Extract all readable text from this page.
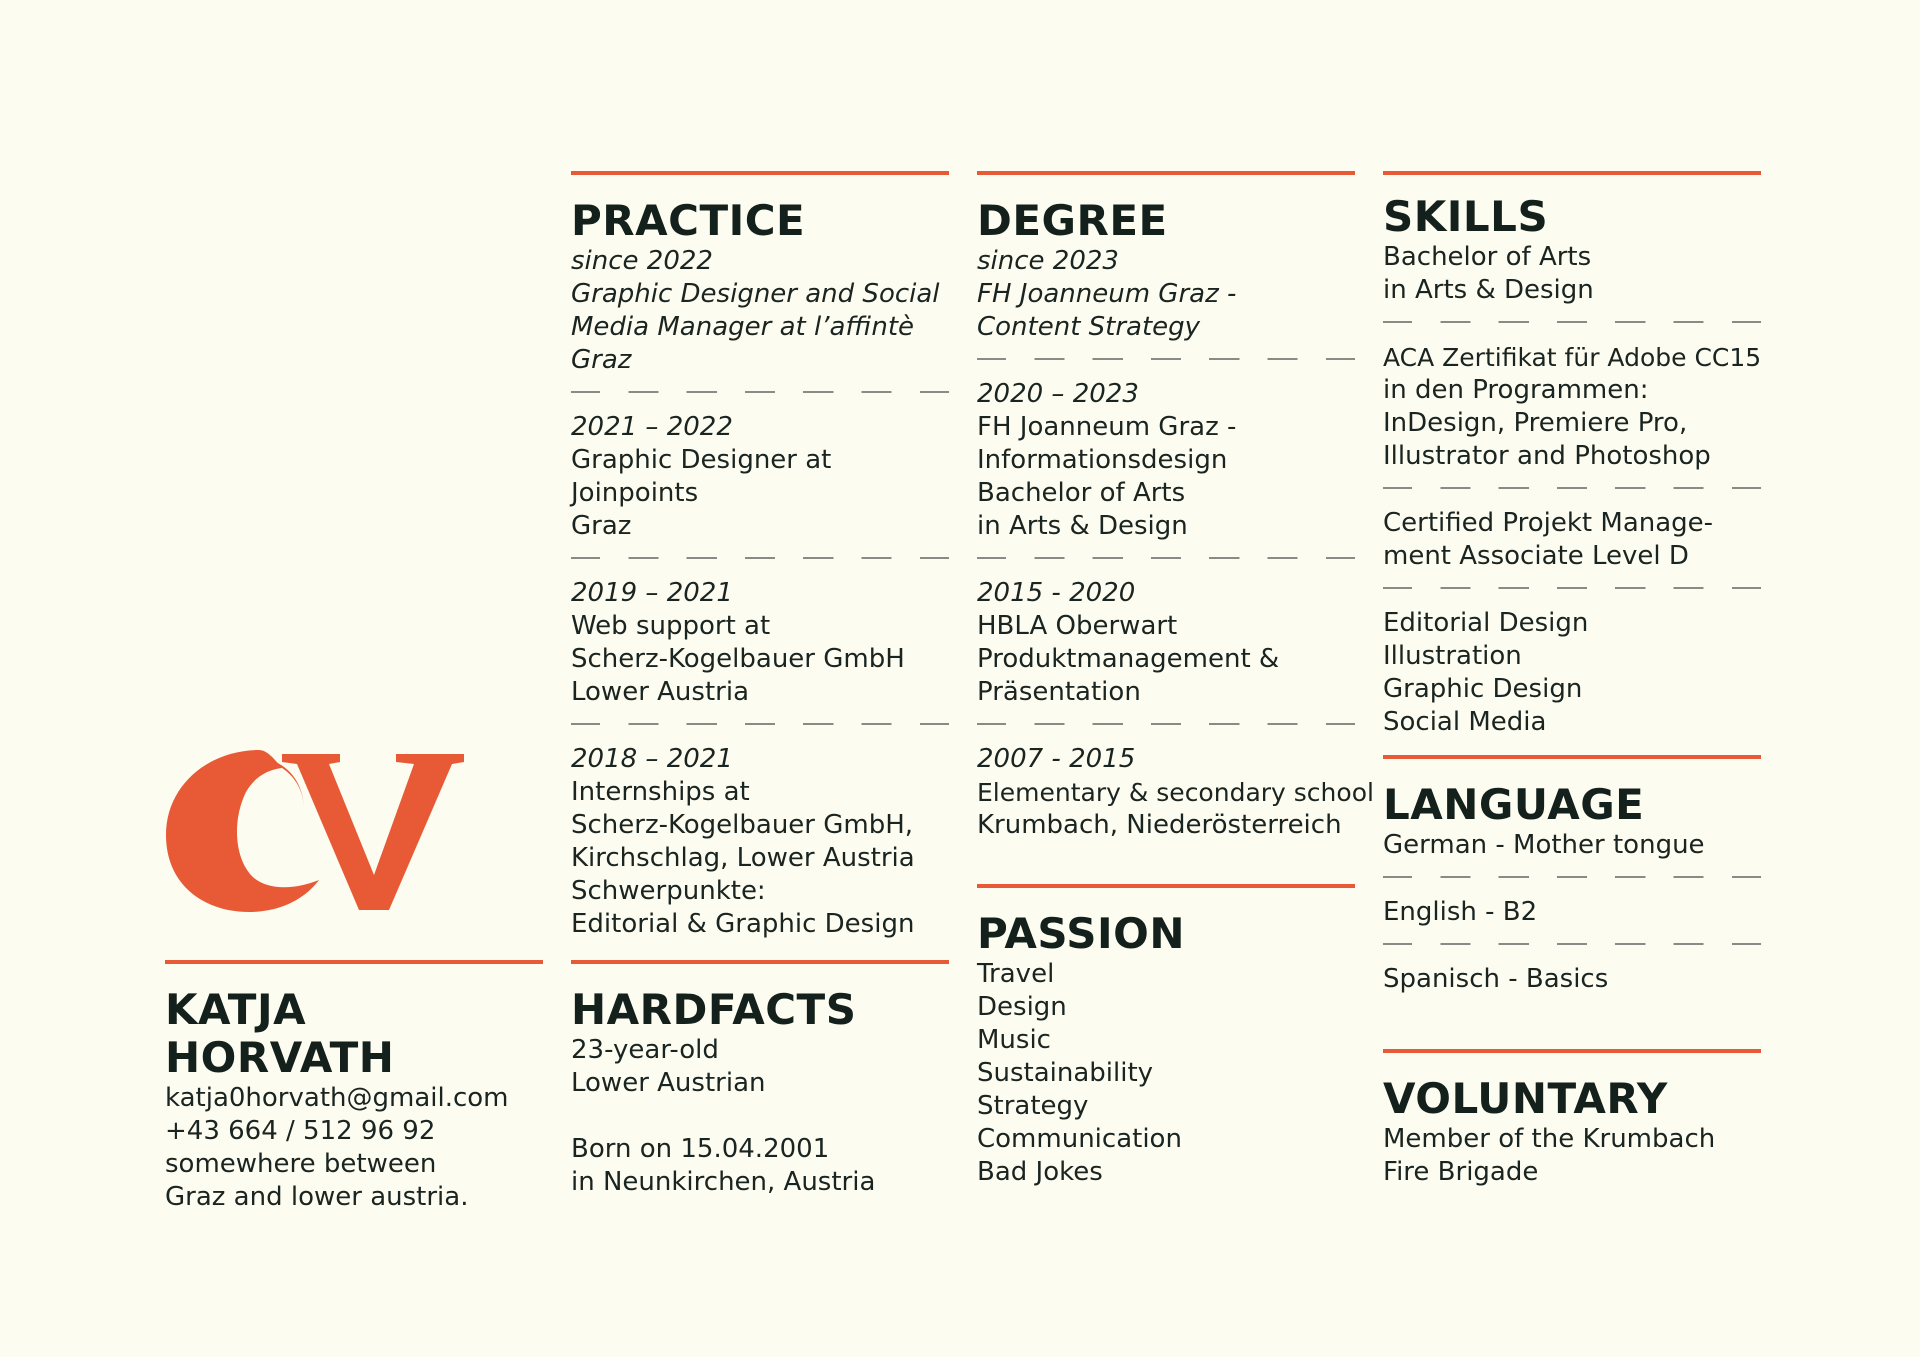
KATJA HORVATH

katja0horvath@gmail.com

+43 664 / 512 96 92

somewhere between

Graz and lower austria.

PRACTICE

since 2022

Graphic Designer and Social

Media Manager at l’affintè

Graz

2021 – 2022

Graphic Designer at

Joinpoints

Graz

2019 – 2021

Web support at

Scherz-Kogelbauer GmbH

Lower Austria

2018 – 2021

Internships at

Scherz-Kogelbauer GmbH,

Kirchschlag, Lower Austria

Schwerpunkte:

Editorial & Graphic Design

HARDFACTS

23-year-old

Lower Austrian

Born on 15.04.2001

in Neunkirchen, Austria

DEGREE

since 2023

FH Joanneum Graz -

Content Strategy

2020 – 2023

FH Joanneum Graz -

Informationsdesign

Bachelor of Arts

in Arts & Design

2015 - 2020

HBLA Oberwart

Produktmanagement &

Präsentation

2007 - 2015

Elementary & secondary school

Krumbach, Niederösterreich

PASSION

Travel

Design

Music

Sustainability

Strategy

Communication

Bad Jokes

SKILLS

Bachelor of Arts

in Arts & Design

ACA Zertifikat für Adobe CC15

in den Programmen:

InDesign, Premiere Pro,

Illustrator and Photoshop

Certified Projekt Manage-

ment Associate Level D

Editorial Design

Illustration

Graphic Design

Social Media

LANGUAGE

German - Mother tongue

English - B2

Spanisch - Basics

VOLUNTARY

Member of the Krumbach

Fire Brigade
